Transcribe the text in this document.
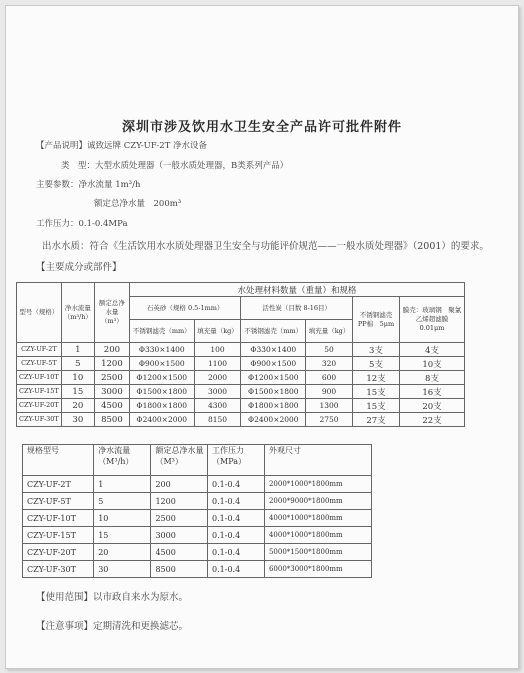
深圳市涉及饮用水卫生安全产品许可批件附件
【产品说明】诚致远牌 CZY-UF-2T 净水设备
类　型：大型水质处理器（一般水质处理器，B类系列产品）
主要参数：净水流量 1m³/h
额定总净水量　200m³
工作压力：0.1-0.4MPa
出水水质：符合《生活饮用水水质处理器卫生安全与功能评价规范——一般水质处理器》（2001）的要求。
【主要成分或部件】
型号（规格）	净水流量（m³/h）	额定总净水量（m³）	水处理材料数量（重量）和规格					
			石英砂（规格 0.5-1mm）		活性炭（目数 8-16目）		不锈钢滤壳　PP棉　5μm	膜壳：玻璃钢　聚氯乙烯超滤膜　0.01μm
			不锈钢滤壳（mm）	填充量（kg）	不锈钢滤壳（mm）	填充量（kg）		
CZY-UF-2T	1	200	Φ330×1400	100	Φ330×1400	50	3支	4支
CZY-UF-5T	5	1200	Φ900×1500	1100	Φ900×1500	320	5支	10支
CZY-UF-10T	10	2500	Φ1200×1500	2000	Φ1200×1500	600	12支	8支
CZY-UF-15T	15	3000	Φ1500×1800	3000	Φ1500×1800	900	15支	16支
CZY-UF-20T	20	4500	Φ1800×1800	4300	Φ1800×1800	1300	15支	20支
CZY-UF-30T	30	8500	Φ2400×2000	8150	Φ2400×2000	2750	27支	22支
规格型号	净水流量（M³/h）	额定总净水量（M³）	工作压力（MPa）	外观尺寸
CZY-UF-2T	1	200	0.1-0.4	2000*1000*1800mm
CZY-UF-5T	5	1200	0.1-0.4	2000*9000*1800mm
CZY-UF-10T	10	2500	0.1-0.4	4000*1000*1800mm
CZY-UF-15T	15	3000	0.1-0.4	4000*1000*1800mm
CZY-UF-20T	20	4500	0.1-0.4	5000*1500*1800mm
CZY-UF-30T	30	8500	0.1-0.4	6000*3000*1800mm
【使用范围】以市政自来水为原水。
【注意事项】定期清洗和更换滤芯。
